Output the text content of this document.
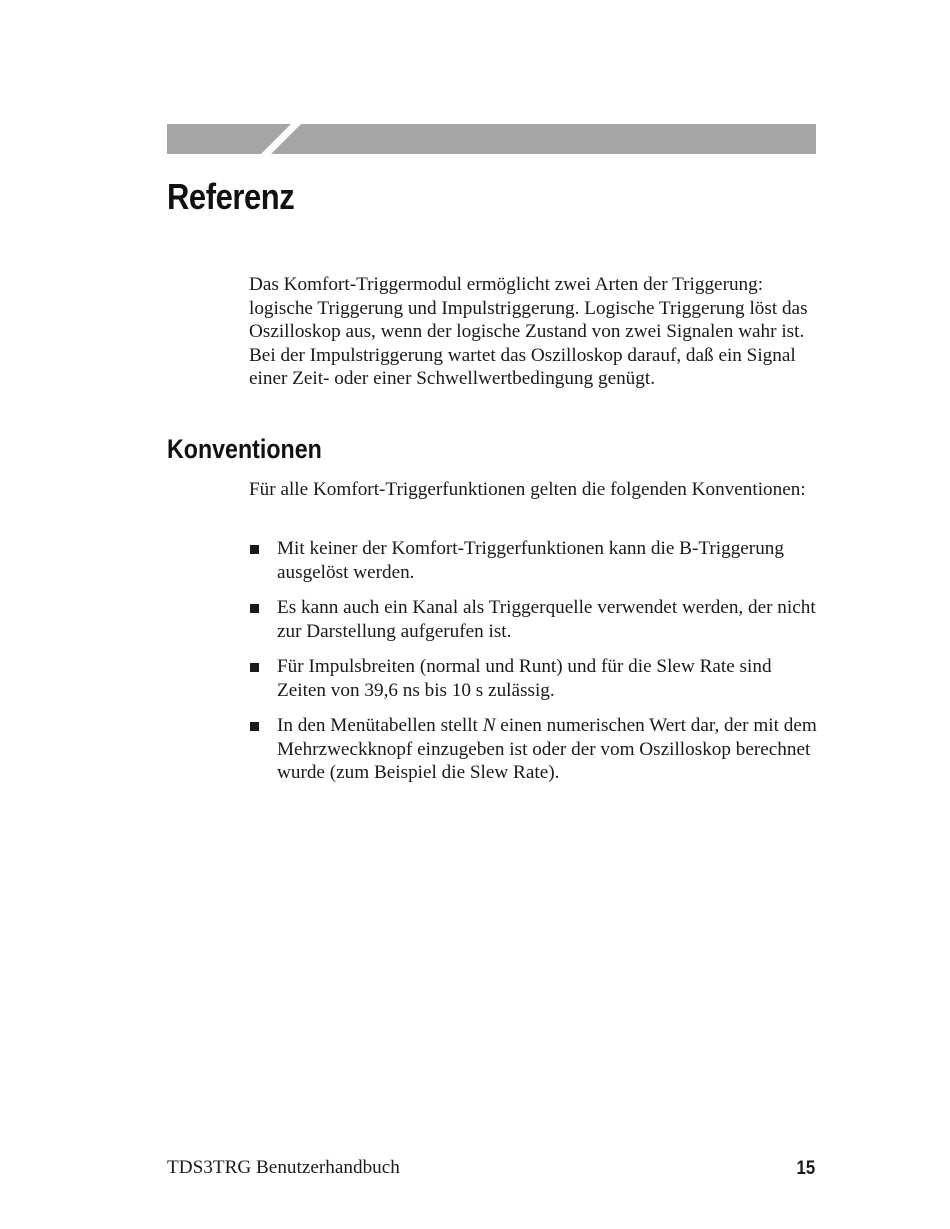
Referenz

Das Komfort-Triggermodul ermöglicht zwei Arten der Triggerung: logische Triggerung und Impulstriggerung. Logische Triggerung löst das Oszilloskop aus, wenn der logische Zustand von zwei Signalen wahr ist. Bei der Impulstriggerung wartet das Oszilloskop darauf, daß ein Signal einer Zeit- oder einer Schwellwertbedingung genügt.

Konventionen

Für alle Komfort-Triggerfunktionen gelten die folgenden Konventionen:

Mit keiner der Komfort-Triggerfunktionen kann die B-Triggerung ausgelöst werden.
Es kann auch ein Kanal als Triggerquelle verwendet werden, der nicht zur Darstellung aufgerufen ist.
Für Impulsbreiten (normal und Runt) und für die Slew Rate sind Zeiten von 39,6 ns bis 10 s zulässig.
In den Menütabellen stellt N einen numerischen Wert dar, der mit dem Mehrzweckknopf einzugeben ist oder der vom Oszilloskop berechnet wurde (zum Beispiel die Slew Rate).

TDS3TRG Benutzerhandbuch	15
